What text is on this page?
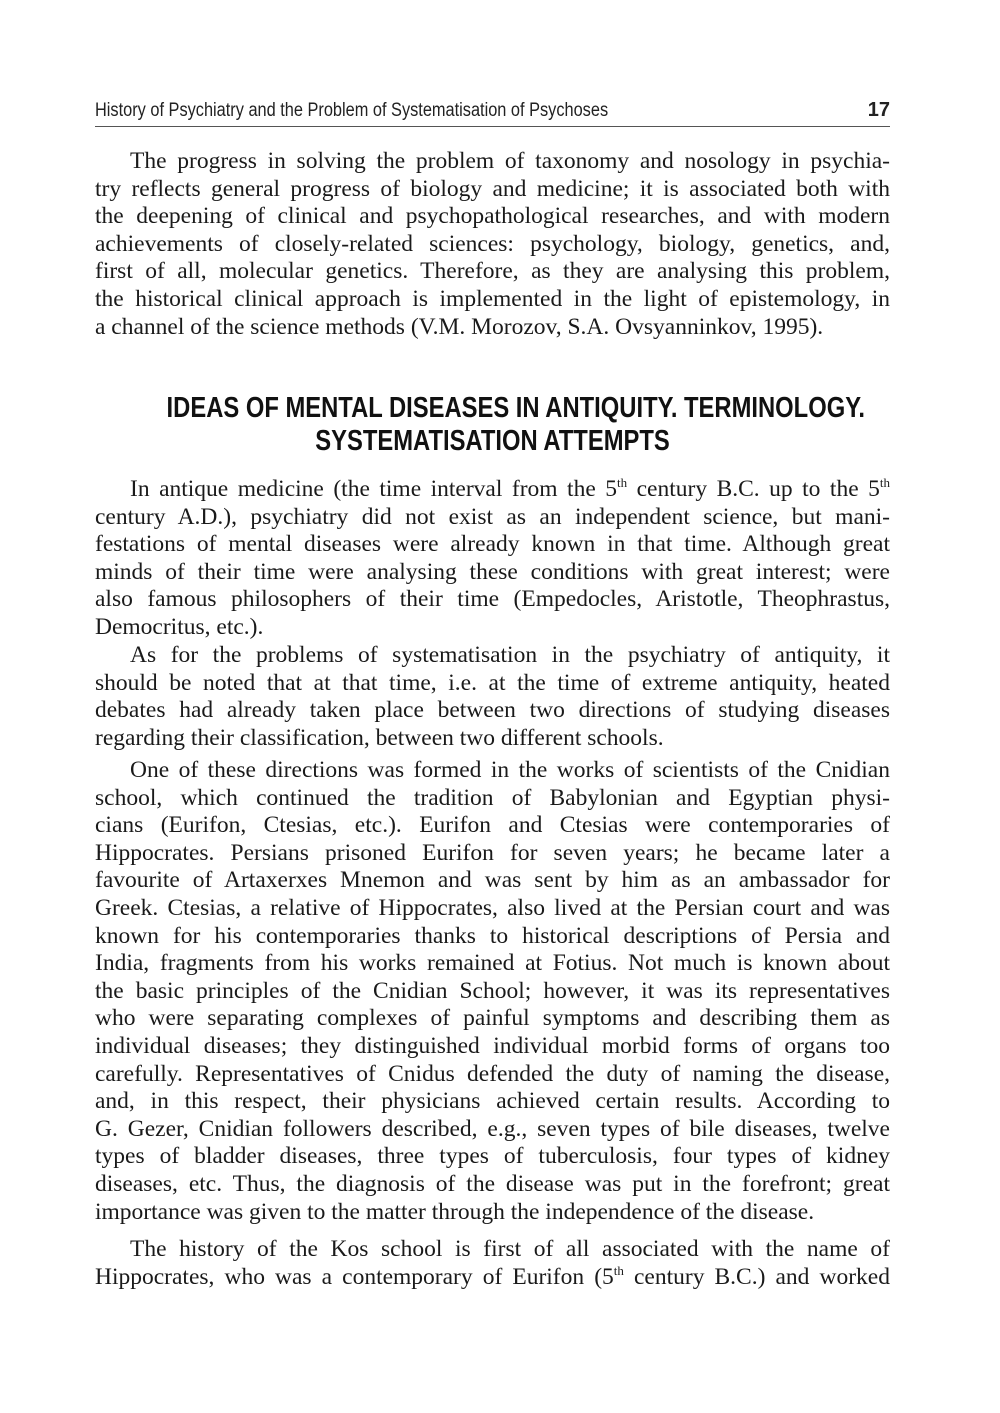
History of Psychiatry and the Problem of Systematisation of Psychoses	17
The progress in solving the problem of taxonomy and nosology in psychia-
try reflects general progress of biology and medicine; it is associated both with
the deepening of clinical and psychopathological researches, and with modern
achievements of closely-related sciences: psychology, biology, genetics, and,
first of all, molecular genetics. Therefore, as they are analysing this problem,
the historical clinical approach is implemented in the light of epistemology, in
a channel of the science methods (V.M. Morozov, S.A. Ovsyanninkov, 1995).
IDEAS OF MENTAL DISEASES IN ANTIQUITY. TERMINOLOGY.
SYSTEMATISATION ATTEMPTS
In antique medicine (the time interval from the 5th century B.C. up to the 5th
century A.D.), psychiatry did not exist as an independent science, but mani-
festations of mental diseases were already known in that time. Although great
minds of their time were analysing these conditions with great interest; were
also famous philosophers of their time (Empedocles, Aristotle, Theophrastus,
Democritus, etc.).
As for the problems of systematisation in the psychiatry of antiquity, it
should be noted that at that time, i.e. at the time of extreme antiquity, heated
debates had already taken place between two directions of studying diseases
regarding their classification, between two different schools.
One of these directions was formed in the works of scientists of the Cnidian
school, which continued the tradition of Babylonian and Egyptian physi-
cians (Eurifon, Ctesias, etc.). Eurifon and Ctesias were contemporaries of
Hippocrates. Persians prisoned Eurifon for seven years; he became later a
favourite of Artaxerxes Mnemon and was sent by him as an ambassador for
Greek. Ctesias, a relative of Hippocrates, also lived at the Persian court and was
known for his contemporaries thanks to historical descriptions of Persia and
India, fragments from his works remained at Fotius. Not much is known about
the basic principles of the Cnidian School; however, it was its representatives
who were separating complexes of painful symptoms and describing them as
individual diseases; they distinguished individual morbid forms of organs too
carefully. Representatives of Cnidus defended the duty of naming the disease,
and, in this respect, their physicians achieved certain results. According to
G. Gezer, Cnidian followers described, e.g., seven types of bile diseases, twelve
types of bladder diseases, three types of tuberculosis, four types of kidney
diseases, etc. Thus, the diagnosis of the disease was put in the forefront; great
importance was given to the matter through the independence of the disease.
The history of the Kos school is first of all associated with the name of
Hippocrates, who was a contemporary of Eurifon (5th century B.C.) and worked
